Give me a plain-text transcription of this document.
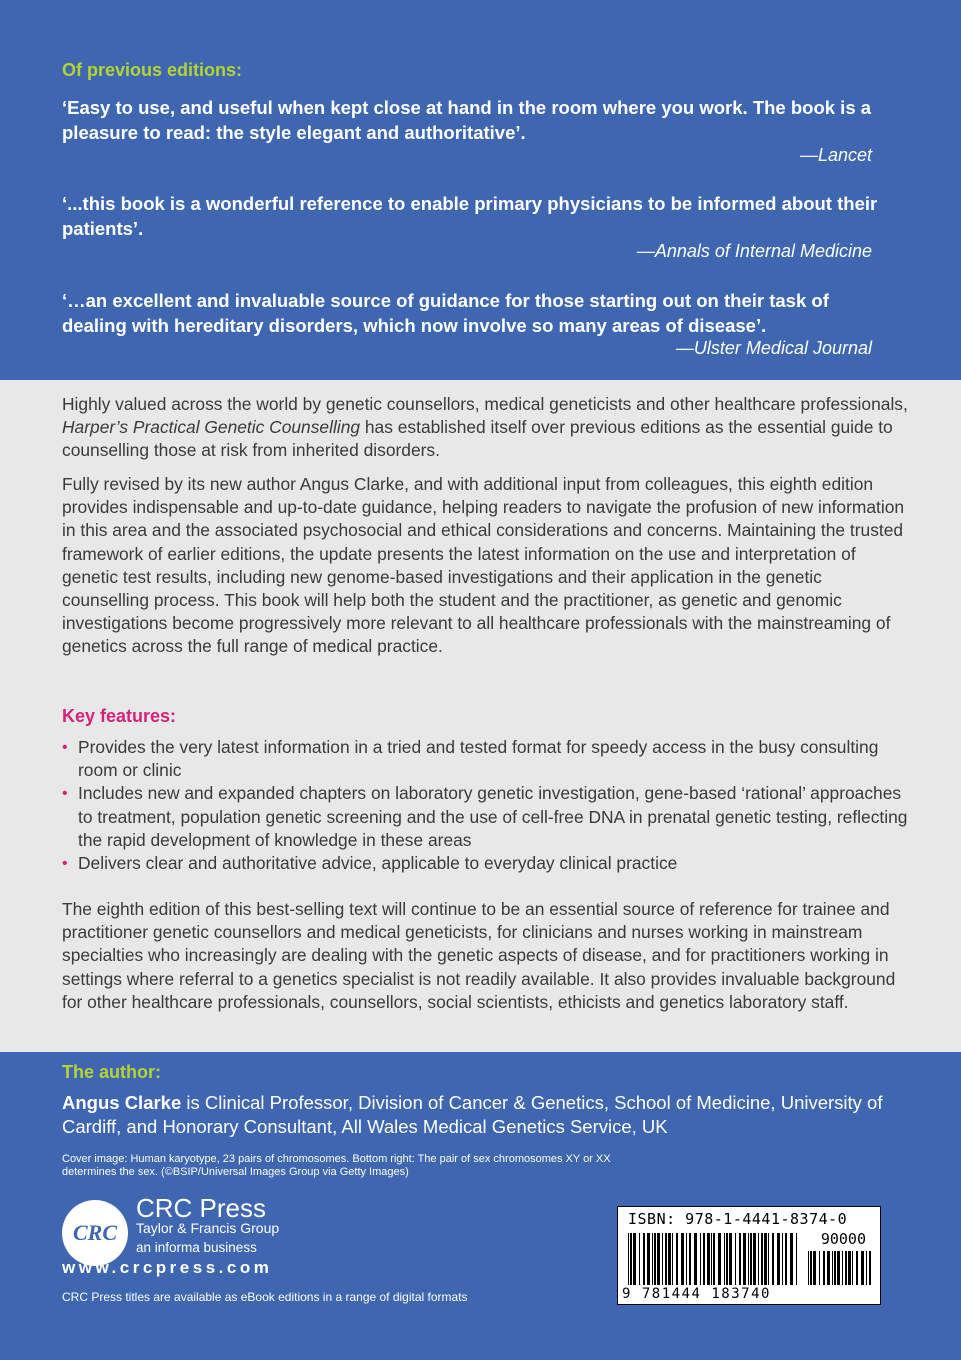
Of previous editions:
‘Easy to use, and useful when kept close at hand in the room where you work. The book is a pleasure to read: the style elegant and authoritative’.
—Lancet
‘...this book is a wonderful reference to enable primary physicians to be informed about their patients’.
—Annals of Internal Medicine
‘…an excellent and invaluable source of guidance for those starting out on their task of dealing with hereditary disorders, which now involve so many areas of disease’.
—Ulster Medical Journal

Highly valued across the world by genetic counsellors, medical geneticists and other healthcare professionals, Harper’s Practical Genetic Counselling has established itself over previous editions as the essential guide to counselling those at risk from inherited disorders.

Fully revised by its new author Angus Clarke, and with additional input from colleagues, this eighth edition provides indispensable and up-to-date guidance, helping readers to navigate the profusion of new information in this area and the associated psychosocial and ethical considerations and concerns. Maintaining the trusted framework of earlier editions, the update presents the latest information on the use and interpretation of genetic test results, including new genome-based investigations and their application in the genetic counselling process. This book will help both the student and the practitioner, as genetic and genomic investigations become progressively more relevant to all healthcare professionals with the mainstreaming of genetics across the full range of medical practice.

Key features:
• Provides the very latest information in a tried and tested format for speedy access in the busy consulting room or clinic
• Includes new and expanded chapters on laboratory genetic investigation, gene-based ‘rational’ approaches to treatment, population genetic screening and the use of cell-free DNA in prenatal genetic testing, reflecting the rapid development of knowledge in these areas
• Delivers clear and authoritative advice, applicable to everyday clinical practice

The eighth edition of this best-selling text will continue to be an essential source of reference for trainee and practitioner genetic counsellors and medical geneticists, for clinicians and nurses working in mainstream specialties who increasingly are dealing with the genetic aspects of disease, and for practitioners working in settings where referral to a genetics specialist is not readily available. It also provides invaluable background for other healthcare professionals, counsellors, social scientists, ethicists and genetics laboratory staff.

The author:
Angus Clarke is Clinical Professor, Division of Cancer & Genetics, School of Medicine, University of Cardiff, and Honorary Consultant, All Wales Medical Genetics Service, UK
Cover image: Human karyotype, 23 pairs of chromosomes. Bottom right: The pair of sex chromosomes XY or XX determines the sex. (©BSIP/Universal Images Group via Getty Images)
CRC
CRC Press
Taylor & Francis Group
an informa business
www.crcpress.com
CRC Press titles are available as eBook editions in a range of digital formats
ISBN: 978-1-4441-8374-0
90000
9 781444 183740
